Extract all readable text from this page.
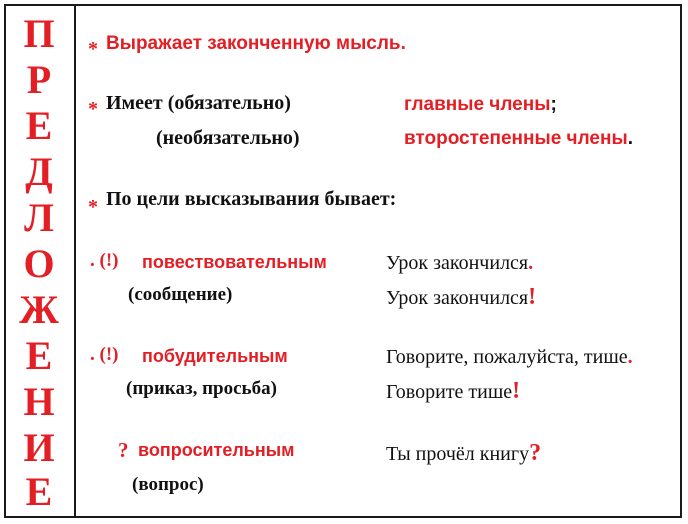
П
Р
Е
Д
Л
О
Ж
Е
Н
И
Е
* Выражает законченную мысль.
* Имеет (обязательно)	главные члены;
(необязательно)	второстепенные члены.
* По цели высказывания бывает:
. (!) повествовательным
(сообщение)
Урок закончился.
Урок закончился!
. (!) побудительным
(приказ, просьба)
Говорите, пожалуйста, тише.
Говорите тише!
? вопросительным
(вопрос)
Ты прочёл книгу?
